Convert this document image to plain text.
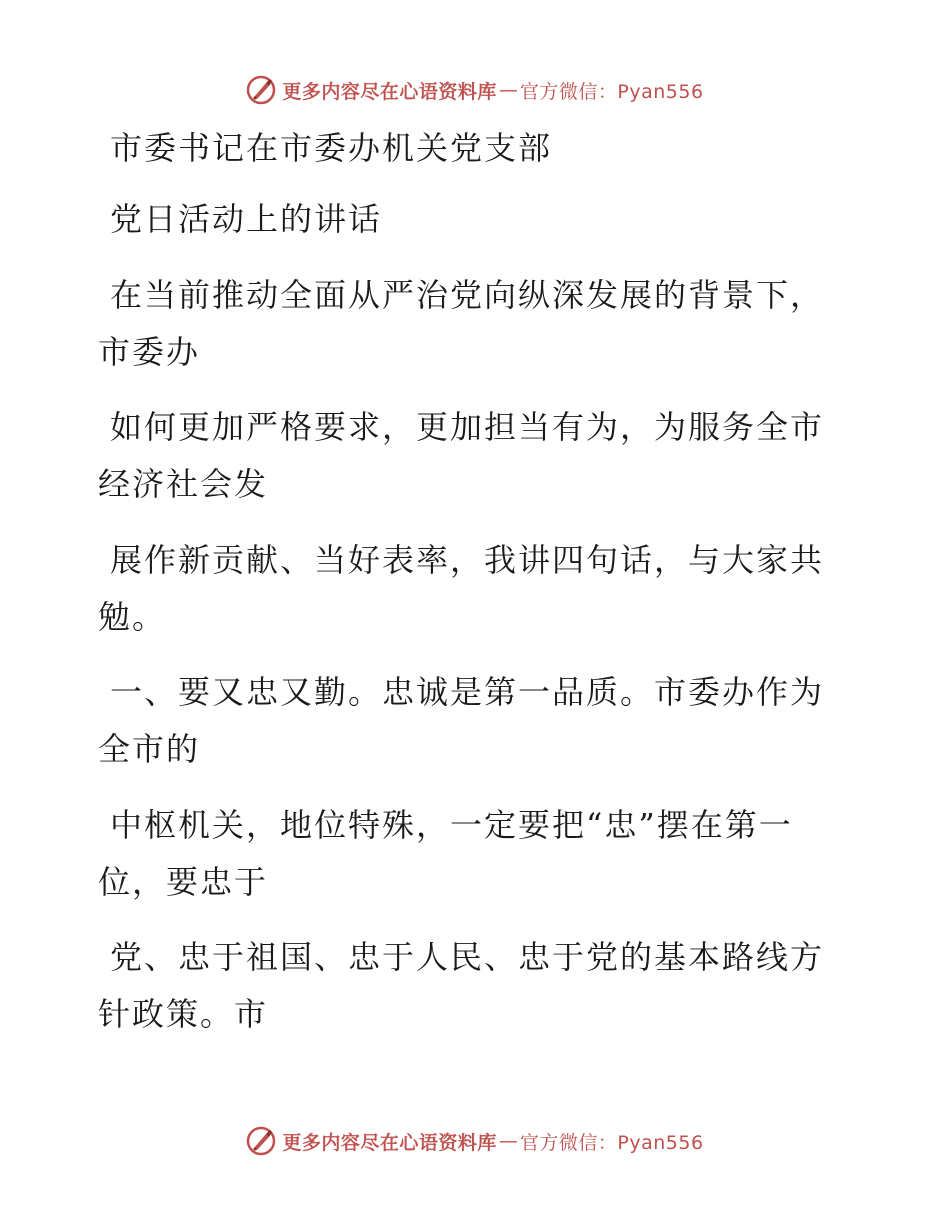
更多内容尽在心语资料库 — 官方微信：Pyan556

市委书记在市委办机关党支部

党日活动上的讲话

在当前推动全面从严治党向纵深发展的背景下，

市委办

如何更加严格要求，更加担当有为，为服务全市

经济社会发

展作新贡献、当好表率，我讲四句话，与大家共

勉。

一、要又忠又勤。忠诚是第一品质。市委办作为

全市的

中枢机关，地位特殊，一定要把“忠”摆在第一

位，要忠于

党、忠于祖国、忠于人民、忠于党的基本路线方

针政策。市

更多内容尽在心语资料库 — 官方微信：Pyan556
